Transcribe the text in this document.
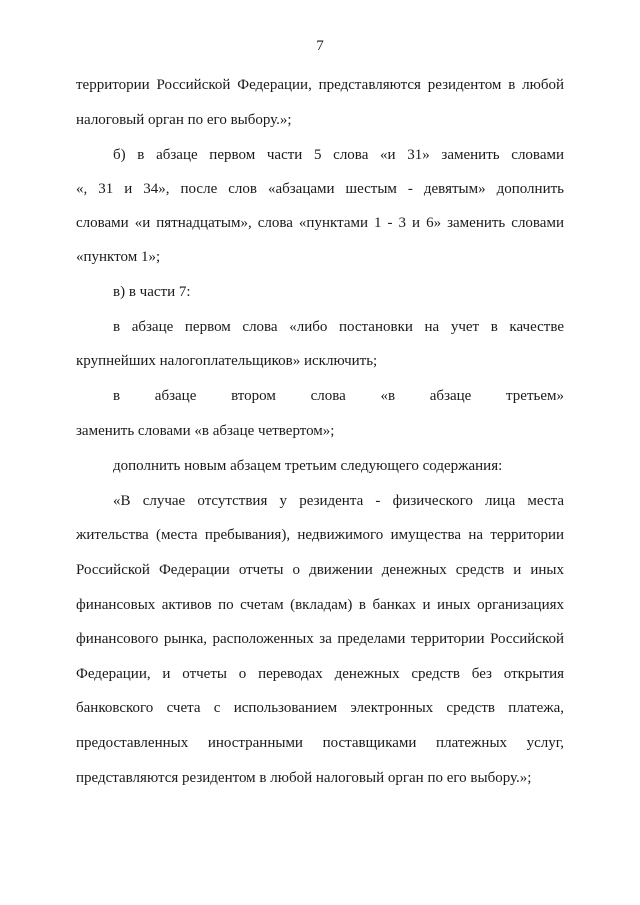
7
территории Российской Федерации, представляются резидентом в любой
налоговый орган по его выбору.»;
б) в абзаце первом части 5 слова «и 31» заменить словами
«, 31 и 34», после слов «абзацами шестым - девятым» дополнить
словами «и пятнадцатым», слова «пунктами 1 - 3 и 6» заменить словами
«пунктом 1»;
в) в части 7:
в абзаце первом слова «либо постановки на учет в качестве
крупнейших налогоплательщиков» исключить;
в абзаце втором слова «в абзаце третьем»
заменить словами «в абзаце четвертом»;
дополнить новым абзацем третьим следующего содержания:
«В случае отсутствия у резидента - физического лица места
жительства (места пребывания), недвижимого имущества на территории
Российской Федерации отчеты о движении денежных средств и иных
финансовых активов по счетам (вкладам) в банках и иных организациях
финансового рынка, расположенных за пределами территории Российской
Федерации, и отчеты о переводах денежных средств без открытия
банковского счета с использованием электронных средств платежа,
предоставленных иностранными поставщиками платежных услуг,
представляются резидентом в любой налоговый орган по его выбору.»;
